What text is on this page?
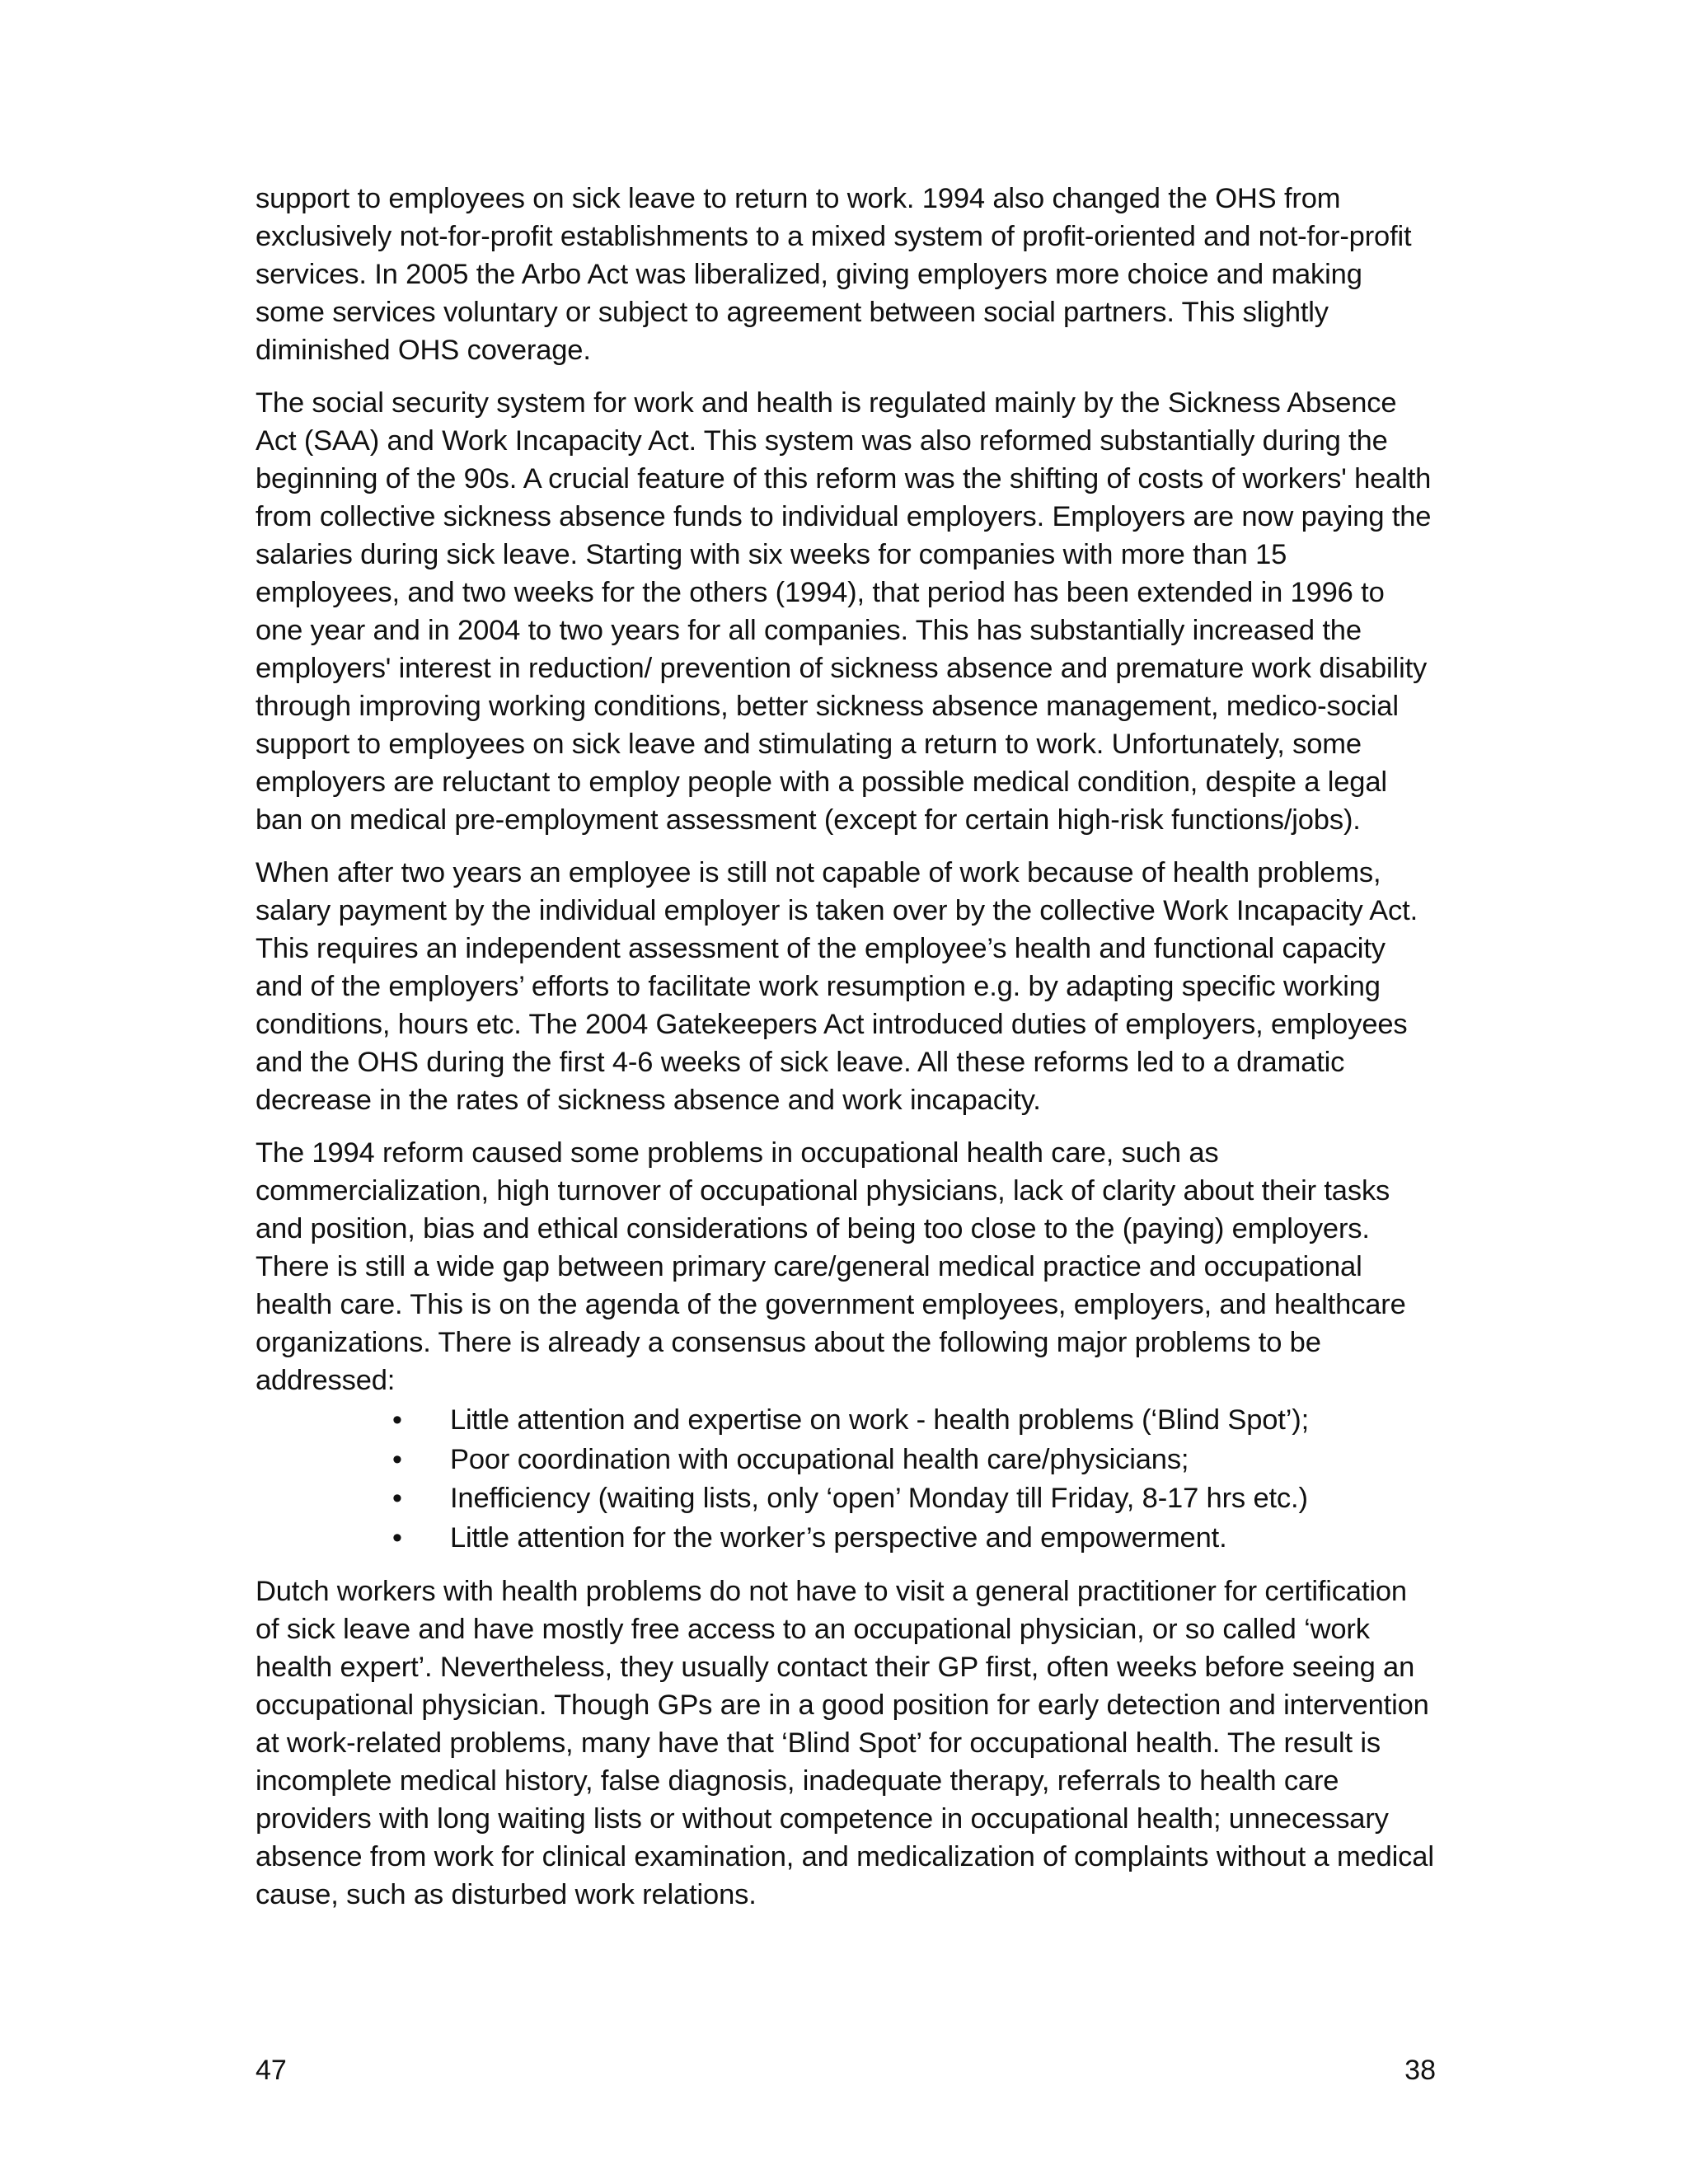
support to employees on sick leave to return to work. 1994 also changed the OHS from exclusively not-for-profit establishments to a mixed system of profit-oriented and not-for-profit services. In 2005 the Arbo Act was liberalized, giving employers more choice and making some services voluntary or subject to agreement between social partners. This slightly diminished OHS coverage.

The social security system for work and health is regulated mainly by the Sickness Absence Act (SAA) and Work Incapacity Act. This system was also reformed substantially during the beginning of the 90s. A crucial feature of this reform was the shifting of costs of workers' health from collective sickness absence funds to individual employers. Employers are now paying the salaries during sick leave. Starting with six weeks for companies with more than 15 employees, and two weeks for the others (1994), that period has been extended in 1996 to one year and in 2004 to two years for all companies. This has substantially increased the employers' interest in reduction/ prevention of sickness absence and premature work disability through improving working conditions, better sickness absence management, medico-social support to employees on sick leave and stimulating a return to work. Unfortunately, some employers are reluctant to employ people with a possible medical condition, despite a legal ban on medical pre-employment assessment (except for certain high-risk functions/jobs).

When after two years an employee is still not capable of work because of health problems, salary payment by the individual employer is taken over by the collective Work Incapacity Act. This requires an independent assessment of the employee’s health and functional capacity and of the employers’ efforts to facilitate work resumption e.g. by adapting specific working conditions, hours etc. The 2004 Gatekeepers Act introduced duties of employers, employees and the OHS during the first 4-6 weeks of sick leave. All these reforms led to a dramatic decrease in the rates of sickness absence and work incapacity.

The 1994 reform caused some problems in occupational health care, such as commercialization, high turnover of occupational physicians, lack of clarity about their tasks and position, bias and ethical considerations of being too close to the (paying) employers. There is still a wide gap between primary care/general medical practice and occupational health care. This is on the agenda of the government employees, employers, and healthcare organizations. There is already a consensus about the following major problems to be addressed:

•	Little attention and expertise on work - health problems (‘Blind Spot’);
•	Poor coordination with occupational health care/physicians;
•	Inefficiency (waiting lists, only ‘open’ Monday till Friday, 8-17 hrs etc.)
•	Little attention for the worker’s perspective and empowerment.

Dutch workers with health problems do not have to visit a general practitioner for certification of sick leave and have mostly free access to an occupational physician, or so called ‘work health expert’. Nevertheless, they usually contact their GP first, often weeks before seeing an occupational physician. Though GPs are in a good position for early detection and intervention at work-related problems, many have that ‘Blind Spot’ for occupational health. The result is incomplete medical history, false diagnosis, inadequate therapy, referrals to health care providers with long waiting lists or without competence in occupational health; unnecessary absence from work for clinical examination, and medicalization of complaints without a medical cause, such as disturbed work relations.

47	38
